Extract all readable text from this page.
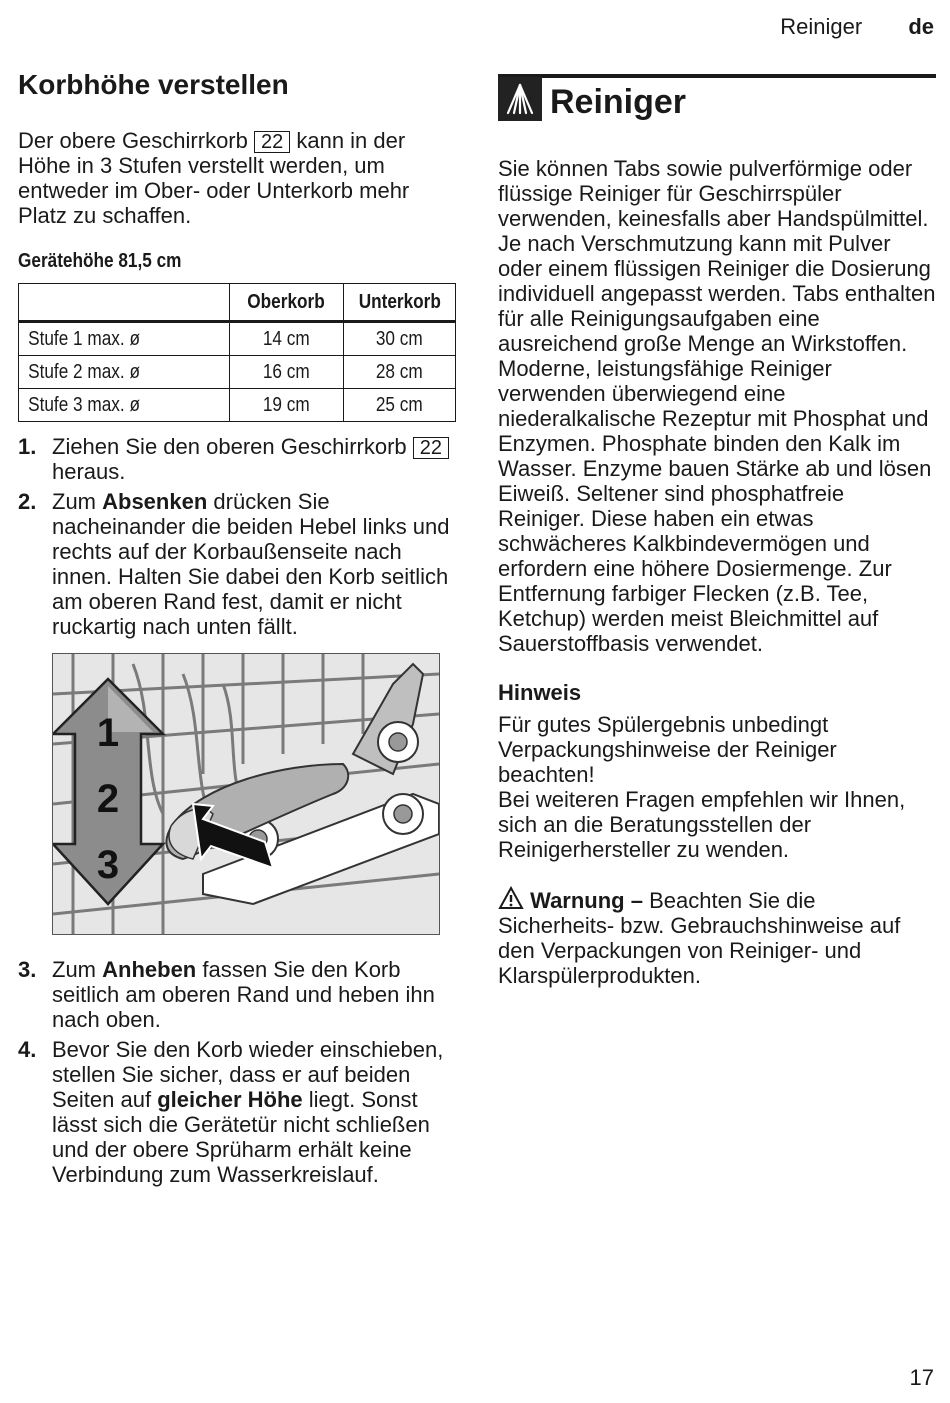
Reiniger de
Korbhöhe verstellen

Der obere Geschirrkorb 22 kann in der Höhe in 3 Stufen verstellt werden, um entweder im Ober- oder Unterkorb mehr Platz zu schaffen.

Gerätehöhe 81,5 cm
	Oberkorb	Unterkorb
Stufe 1 max. ø	14 cm	30 cm
Stufe 2 max. ø	16 cm	28 cm
Stufe 3 max. ø	19 cm	25 cm
1. Ziehen Sie den oberen Geschirrkorb 22 heraus.
2. Zum Absenken drücken Sie nacheinander die beiden Hebel links und rechts auf der Korbaußenseite nach innen. Halten Sie dabei den Korb seitlich am oberen Rand fest, damit er nicht ruckartig nach unten fällt.
1
2
3
3. Zum Anheben fassen Sie den Korb seitlich am oberen Rand und heben ihn nach oben.
4. Bevor Sie den Korb wieder einschieben, stellen Sie sicher, dass er auf beiden Seiten auf gleicher Höhe liegt. Sonst lässt sich die Gerätetür nicht schließen und der obere Sprüharm erhält keine Verbindung zum Wasserkreislauf.
Reiniger

Sie können Tabs sowie pulverförmige oder flüssige Reiniger für Geschirrspüler verwenden, keinesfalls aber Handspülmittel. Je nach Verschmutzung kann mit Pulver oder einem flüssigen Reiniger die Dosierung individuell angepasst werden. Tabs enthalten für alle Reinigungsaufgaben eine ausreichend große Menge an Wirkstoffen. Moderne, leistungsfähige Reiniger verwenden überwiegend eine niederalkalische Rezeptur mit Phosphat und Enzymen. Phosphate binden den Kalk im Wasser. Enzyme bauen Stärke ab und lösen Eiweiß. Seltener sind phosphatfreie Reiniger. Diese haben ein etwas schwächeres Kalkbindevermögen und erfordern eine höhere Dosiermenge. Zur Entfernung farbiger Flecken (z.B. Tee, Ketchup) werden meist Bleichmittel auf Sauerstoffbasis verwendet.

Hinweis

Für gutes Spülergebnis unbedingt Verpackungshinweise der Reiniger beachten!

Bei weiteren Fragen empfehlen wir Ihnen, sich an die Beratungsstellen der Reinigerhersteller zu wenden.

Warnung – Beachten Sie die Sicherheits- bzw. Gebrauchshinweise auf den Verpackungen von Reiniger- und Klarspülerprodukten.

17
